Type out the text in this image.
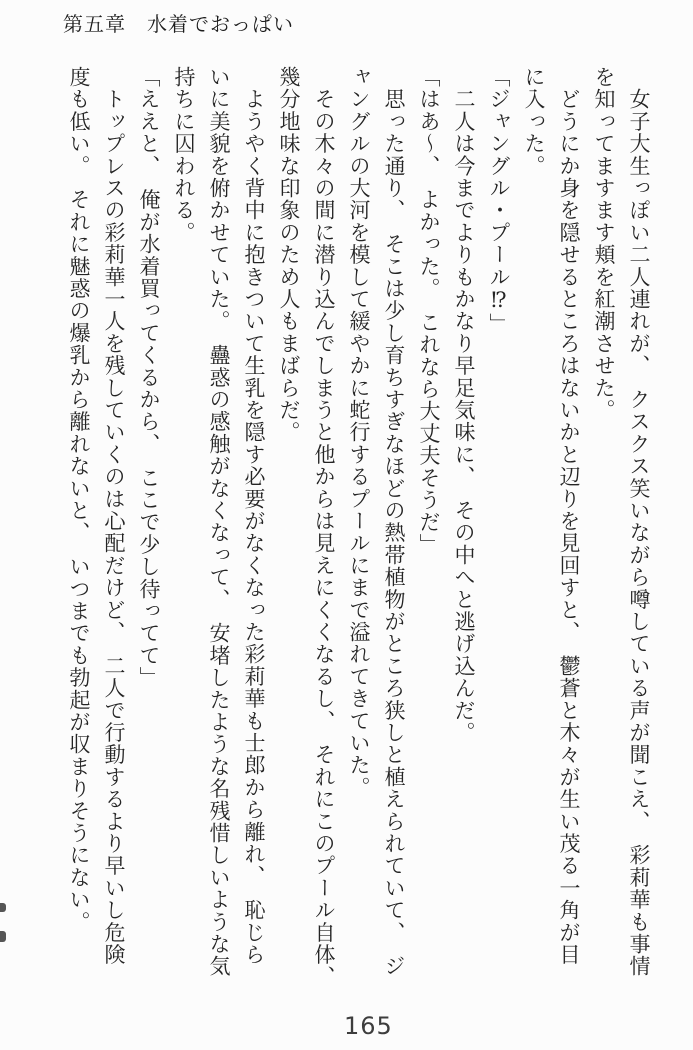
第五章　水着でおっぱい

　女子大生っぽい二人連れが、　クスクス笑いながら噂している声が聞こえ、　彩莉華も事情

を知ってますます頬を紅潮させた。

　どうにか身を隠せるところはないかと辺りを見回すと、　鬱蒼と木々が生い茂る一角が目

に入った。

「ジャングル・プール⁉」

　二人は今までよりもかなり早足気味に、　その中へと逃げ込んだ。

「はあ〜、　よかった。　これなら大丈夫そうだ」

　思った通り、　そこは少し育ちすぎなほどの熱帯植物がところ狭しと植えられていて、　ジ

ャングルの大河を模して緩やかに蛇行するプールにまで溢れてきていた。

　その木々の間に潜り込んでしまうと他からは見えにくくなるし、　それにこのプール自体、

幾分地味な印象のため人もまばらだ。

　ようやく背中に抱きついて生乳を隠す必要がなくなった彩莉華も士郎から離れ、　恥じら

いに美貌を俯かせていた。　蠱惑の感触がなくなって、　安堵したような名残惜しいような気

持ちに囚われる。

「ええと、　俺が水着買ってくるから、　ここで少し待ってて」

　トップレスの彩莉華一人を残していくのは心配だけど、　二人で行動するより早いし危険

度も低い。　それに魅惑の爆乳から離れないと、　いつまでも勃起が収まりそうにない。

165
